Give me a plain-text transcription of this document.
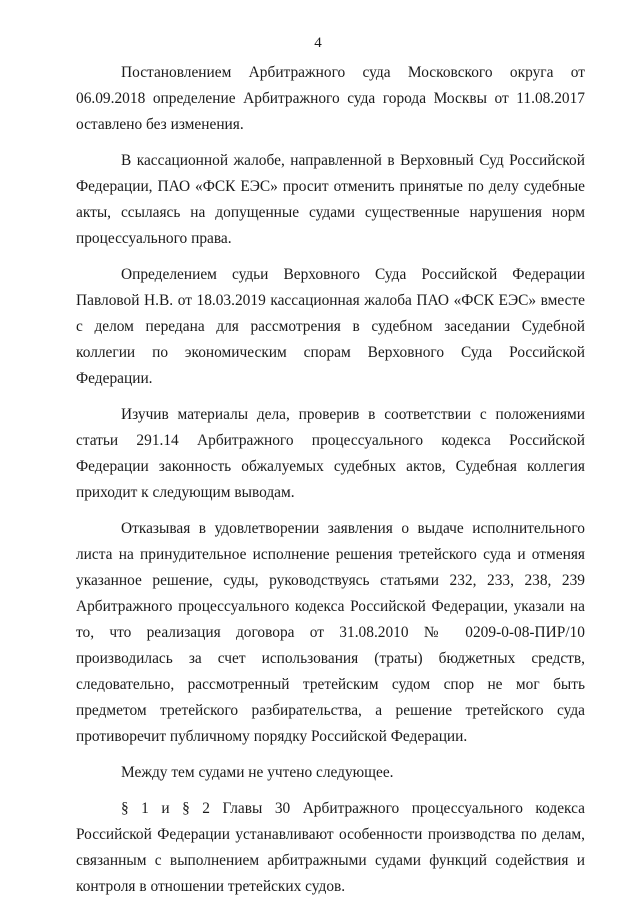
4

Постановлением Арбитражного суда Московского округа от 06.09.2018 определение Арбитражного суда города Москвы от 11.08.2017 оставлено без изменения.

В кассационной жалобе, направленной в Верховный Суд Российской Федерации, ПАО «ФСК ЕЭС» просит отменить принятые по делу судебные акты, ссылаясь на допущенные судами существенные нарушения норм процессуального права.

Определением судьи Верховного Суда Российской Федерации Павловой Н.В. от 18.03.2019 кассационная жалоба ПАО «ФСК ЕЭС» вместе с делом передана для рассмотрения в судебном заседании Судебной коллегии по экономическим спорам Верховного Суда Российской Федерации.

Изучив материалы дела, проверив в соответствии с положениями статьи 291.14 Арбитражного процессуального кодекса Российской Федерации законность обжалуемых судебных актов, Судебная коллегия приходит к следующим выводам.

Отказывая в удовлетворении заявления о выдаче исполнительного листа на принудительное исполнение решения третейского суда и отменяя указанное решение, суды, руководствуясь статьями 232, 233, 238, 239 Арбитражного процессуального кодекса Российской Федерации, указали на то, что реализация договора от 31.08.2010 № 0209-0-08-ПИР/10 производилась за счет использования (траты) бюджетных средств, следовательно, рассмотренный третейским судом спор не мог быть предметом третейского разбирательства, а решение третейского суда противоречит публичному порядку Российской Федерации.

Между тем судами не учтено следующее.

§ 1 и § 2 Главы 30 Арбитражного процессуального кодекса Российской Федерации устанавливают особенности производства по делам, связанным с выполнением арбитражными судами функций содействия и контроля в отношении третейских судов.
